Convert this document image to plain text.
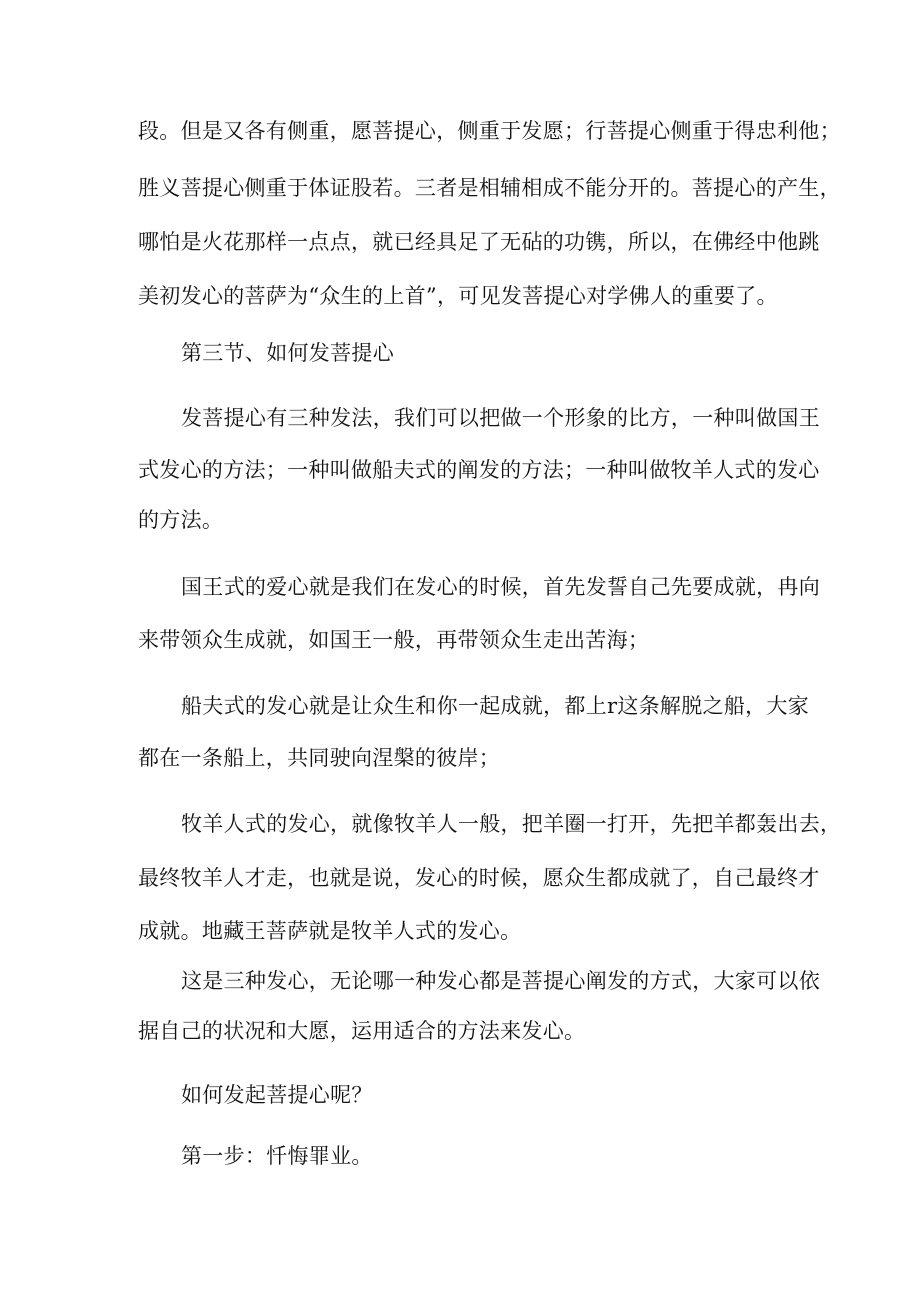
段。但是又各有侧重，愿菩提心，侧重于发愿；行菩提心侧重于得忠利他；
胜义菩提心侧重于体证股若。三者是相辅相成不能分开的。菩提心的产生，
哪怕是火花那样一点点，就已经具足了无砧的功镌，所以，在佛经中他跳
美初发心的菩萨为“众生的上首”，可见发菩提心对学佛人的重要了。
第三节、如何发菩提心
发菩提心有三种发法，我们可以把做一个形象的比方，一种叫做国王
式发心的方法；一种叫做船夫式的阐发的方法；一种叫做牧羊人式的发心
的方法。
国王式的爱心就是我们在发心的时候，首先发誓自己先要成就，冉向
来带领众生成就，如国王一般，再带领众生走出苦海；
船夫式的发心就是让众生和你一起成就，都上r这条解脱之船，大家
都在一条船上，共同驶向涅槃的彼岸；
牧羊人式的发心，就像牧羊人一般，把羊圈一打开，先把羊都轰出去，
最终牧羊人才走，也就是说，发心的时候，愿众生都成就了，自己最终才
成就。地藏王菩萨就是牧羊人式的发心。
这是三种发心，无论哪一种发心都是菩提心阐发的方式，大家可以依
据自己的状况和大愿，运用适合的方法来发心。
如何发起菩提心呢？
第一步：忏悔罪业。
